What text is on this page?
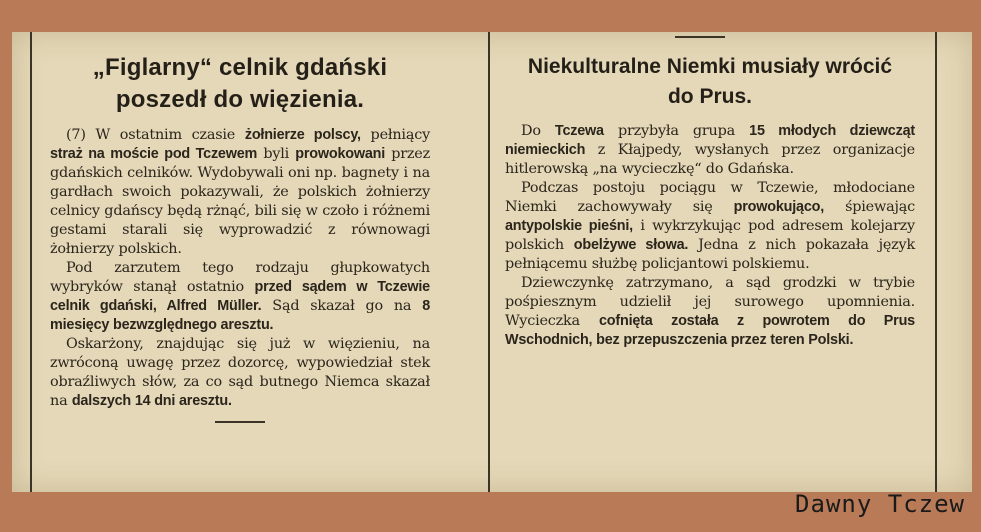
„Figlarny“ celnik gdański
poszedł do więzienia.

(7) W ostatnim czasie żołnierze polscy, pełniący straż na moście pod Tczewem byli prowokowani przez gdańskich celników. Wydobywali oni np. bagnety i na gardłach swoich pokazywali, że polskich żołnierzy celnicy gdańscy będą rżnąć, bili się w czoło i różnemi gestami starali się wyprowadzić z równowagi żołnierzy polskich.

Pod zarzutem tego rodzaju głupkowatych wybryków stanął ostatnio przed sądem w Tczewie celnik gdański, Alfred Müller. Sąd skazał go na 8 miesięcy bezwzględnego aresztu.

Oskarżony, znajdując się już w więzieniu, na zwróconą uwagę przez dozorcę, wypowiedział stek obraźliwych słów, za co sąd butnego Niemca skazał na dalszych 14 dni aresztu.

Niekulturalne Niemki musiały wrócić
do Prus.

Do Tczewa przybyła grupa 15 młodych dziewcząt niemieckich z Kłajpedy, wysłanych przez organizacje hitlerowską „na wycieczkę“ do Gdańska.

Podczas postoju pociągu w Tczewie, młodociane Niemki zachowywały się prowokująco, śpiewając antypolskie pieśni, i wykrzykując pod adresem kolejarzy polskich obelżywe słowa. Jedna z nich pokazała język pełniącemu służbę policjantowi polskiemu.

Dziewczynkę zatrzymano, a sąd grodzki w trybie pośpiesznym udzielił jej surowego upomnienia. Wycieczka cofnięta została z powrotem do Prus Wschodnich, bez przepuszczenia przez teren Polski.

Dawny Tczew
